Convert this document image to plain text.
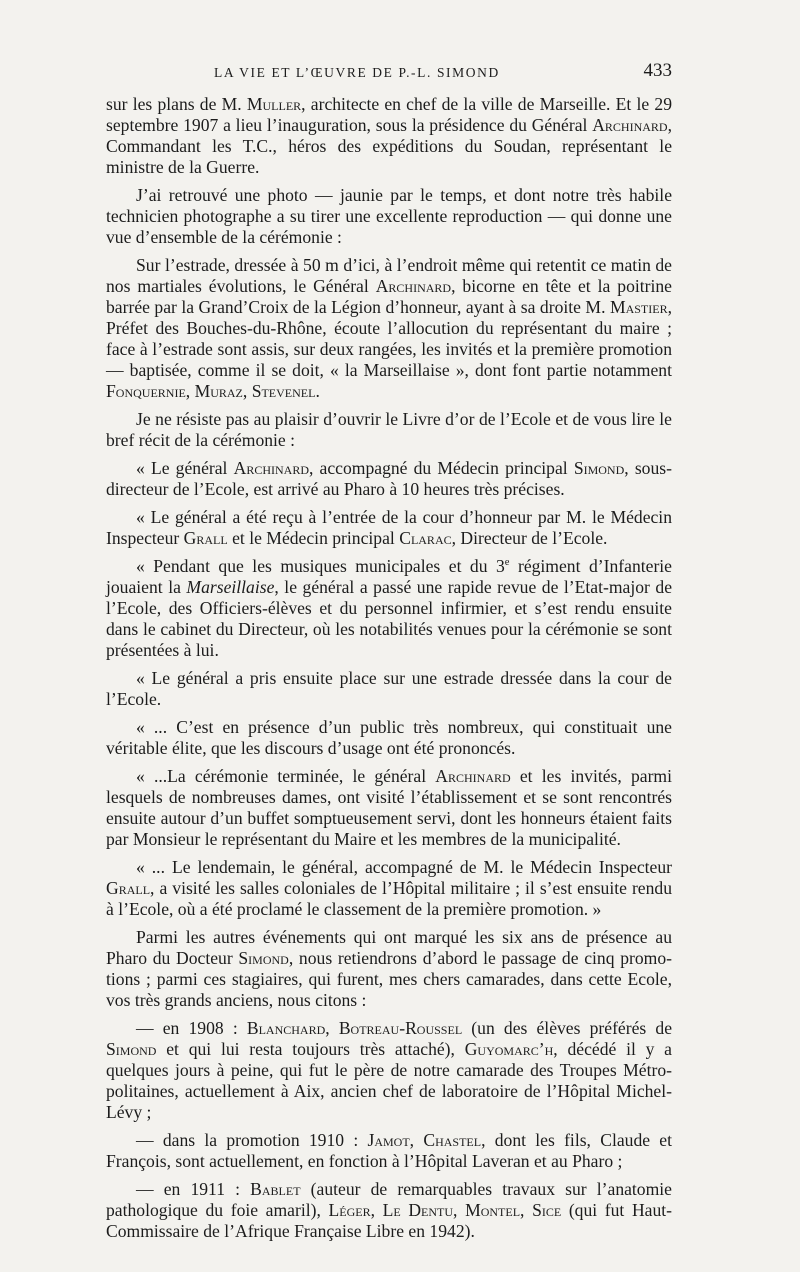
LA VIE ET L’ŒUVRE DE P.-L. SIMOND	433

sur les plans de M. Muller, architecte en chef de la ville de Marseille. Et le 29 septembre 1907 a lieu l’inauguration, sous la présidence du Général Archinard, Commandant les T.C., héros des expéditions du Soudan, représentant le ministre de la Guerre.

J’ai retrouvé une photo — jaunie par le temps, et dont notre très habile technicien photographe a su tirer une excellente reproduction — qui donne une vue d’ensemble de la cérémonie :

Sur l’estrade, dressée à 50 m d’ici, à l’endroit même qui retentit ce matin de nos martiales évolutions, le Général Archinard, bicorne en tête et la poitrine barrée par la Grand’Croix de la Légion d’honneur, ayant à sa droite M. Mastier, Préfet des Bouches-du-Rhône, écoute l’allocution du représentant du maire ; face à l’estrade sont assis, sur deux rangées, les invités et la première promotion — baptisée, comme il se doit, « la Marseillaise », dont font partie notamment Fonquernie, Muraz, Stevenel.

Je ne résiste pas au plaisir d’ouvrir le Livre d’or de l’Ecole et de vous lire le bref récit de la cérémonie :

« Le général Archinard, accompagné du Médecin principal Simond, sous-directeur de l’Ecole, est arrivé au Pharo à 10 heures très précises.

« Le général a été reçu à l’entrée de la cour d’honneur par M. le Médecin Inspecteur Grall et le Médecin principal Clarac, Directeur de l’Ecole.

« Pendant que les musiques municipales et du 3e régiment d’Infanterie jouaient la Marseillaise, le général a passé une rapide revue de l’Etat-major de l’Ecole, des Officiers-élèves et du personnel infirmier, et s’est rendu ensuite dans le cabinet du Directeur, où les notabilités venues pour la cérémonie se sont présentées à lui.

« Le général a pris ensuite place sur une estrade dressée dans la cour de l’Ecole.

« ... C’est en présence d’un public très nombreux, qui constituait une véritable élite, que les discours d’usage ont été prononcés.

« ...La cérémonie terminée, le général Archinard et les invités, parmi lesquels de nombreuses dames, ont visité l’établissement et se sont rencontrés ensuite autour d’un buffet somptueusement servi, dont les honneurs étaient faits par Monsieur le représentant du Maire et les membres de la municipalité.

« ... Le lendemain, le général, accompagné de M. le Médecin Inspecteur Grall, a visité les salles coloniales de l’Hôpital militaire ; il s’est ensuite rendu à l’Ecole, où a été proclamé le classement de la première promotion. »

Parmi les autres événements qui ont marqué les six ans de présence au Pharo du Docteur Simond, nous retiendrons d’abord le passage de cinq promotions ; parmi ces stagiaires, qui furent, mes chers camarades, dans cette Ecole, vos très grands anciens, nous citons :

— en 1908 : Blanchard, Botreau-Roussel (un des élèves préférés de Simond et qui lui resta toujours très attaché), Guyomarc’h, décédé il y a quelques jours à peine, qui fut le père de notre camarade des Troupes Métropolitaines, actuellement à Aix, ancien chef de laboratoire de l’Hôpital Michel-Lévy ;

— dans la promotion 1910 : Jamot, Chastel, dont les fils, Claude et François, sont actuellement, en fonction à l’Hôpital Laveran et au Pharo ;

— en 1911 : Bablet (auteur de remarquables travaux sur l’anatomie pathologique du foie amaril), Léger, Le Dentu, Montel, Sice (qui fut Haut-Commissaire de l’Afrique Française Libre en 1942).
